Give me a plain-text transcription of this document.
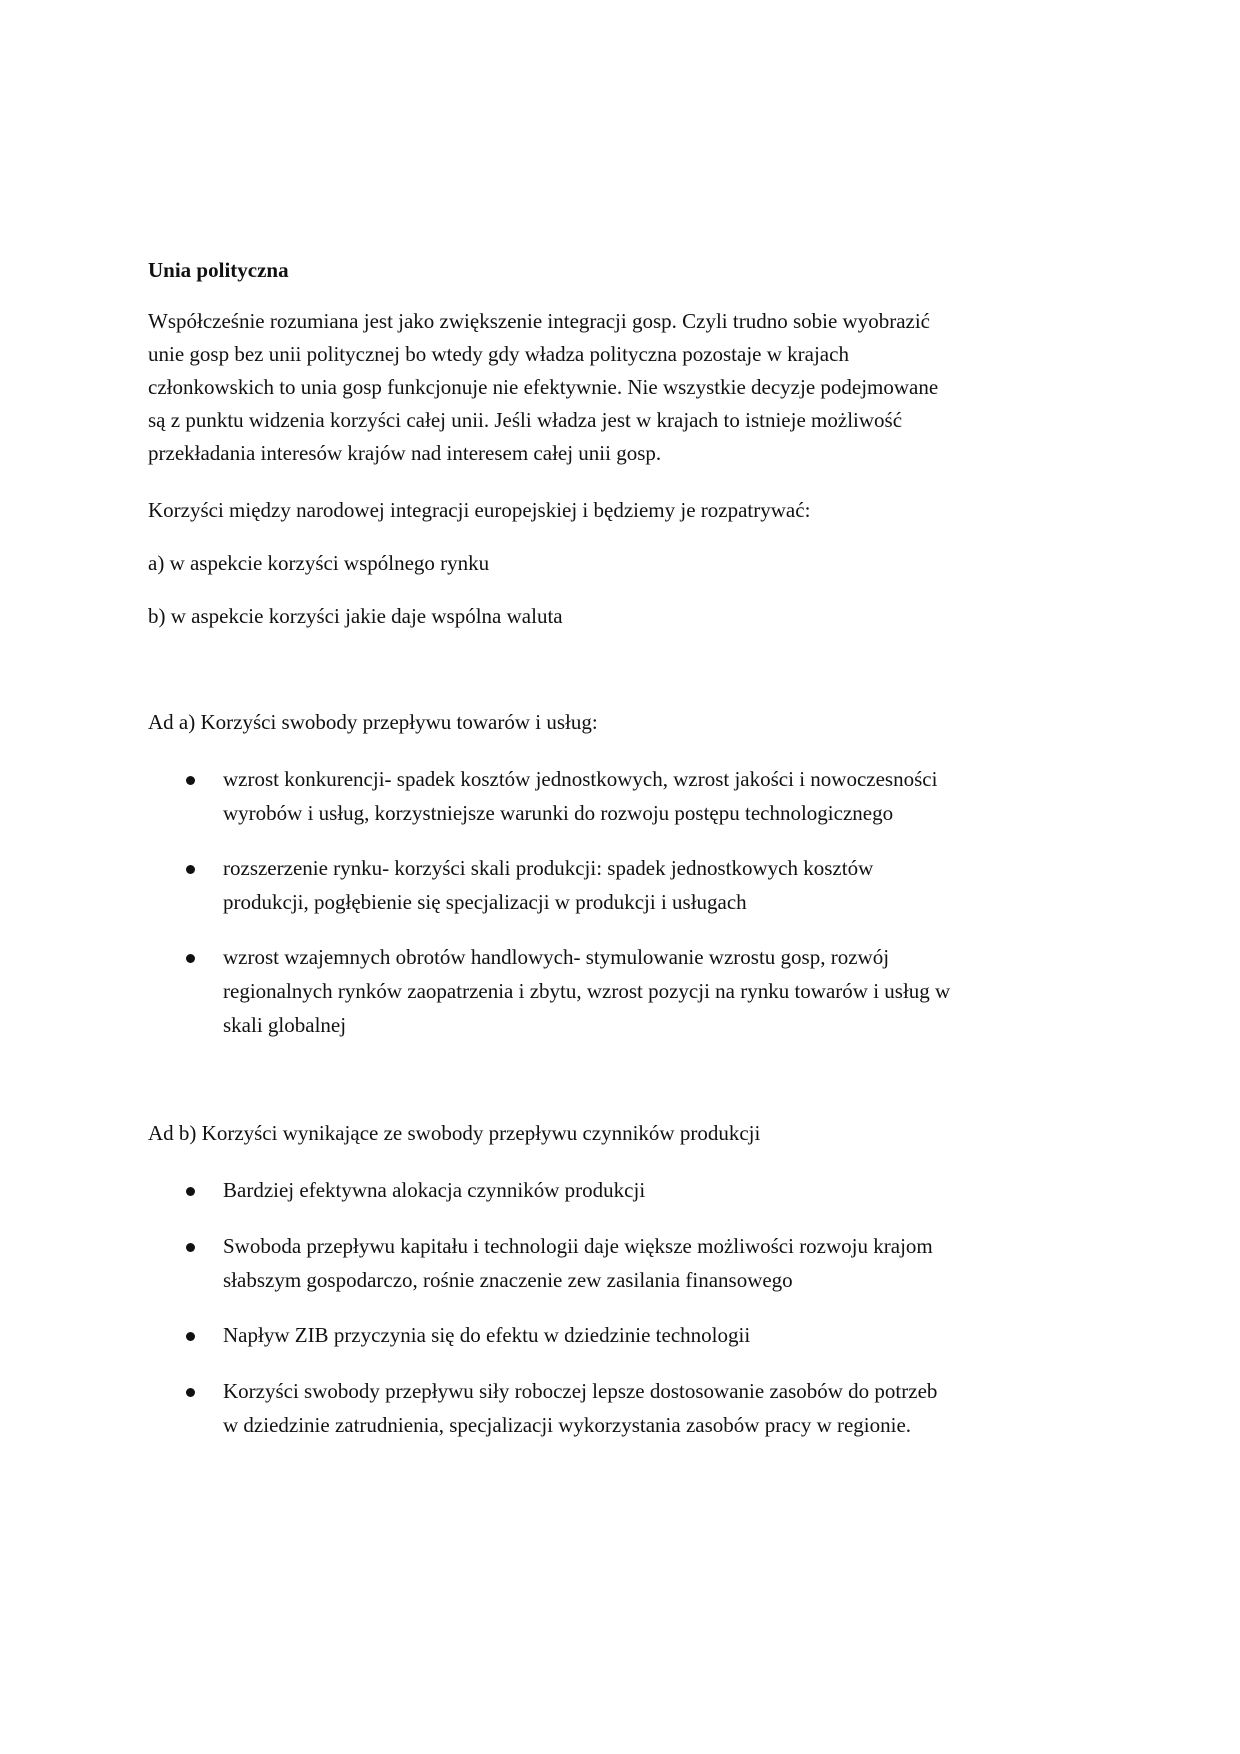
Unia polityczna
Współcześnie rozumiana jest jako zwiększenie integracji gosp. Czyli trudno sobie wyobrazić
unie gosp bez unii politycznej bo wtedy gdy władza polityczna pozostaje w krajach
członkowskich to unia gosp funkcjonuje nie efektywnie. Nie wszystkie decyzje podejmowane
są z punktu widzenia korzyści całej unii. Jeśli władza jest w krajach to istnieje możliwość
przekładania interesów krajów nad interesem całej unii gosp.
Korzyści między narodowej integracji europejskiej i będziemy je rozpatrywać:
a) w aspekcie korzyści wspólnego rynku
b) w aspekcie korzyści jakie daje wspólna waluta
Ad a) Korzyści swobody przepływu towarów i usług:
wzrost konkurencji- spadek kosztów jednostkowych, wzrost jakości i nowoczesności
wyrobów i usług, korzystniejsze warunki do rozwoju postępu technologicznego
rozszerzenie rynku- korzyści skali produkcji: spadek jednostkowych kosztów
produkcji, pogłębienie się specjalizacji w produkcji i usługach
wzrost wzajemnych obrotów handlowych- stymulowanie wzrostu gosp, rozwój
regionalnych rynków zaopatrzenia i zbytu, wzrost pozycji na rynku towarów i usług w
skali globalnej
Ad b) Korzyści wynikające ze swobody przepływu czynników produkcji
Bardziej efektywna alokacja czynników produkcji
Swoboda przepływu kapitału i technologii daje większe możliwości rozwoju krajom
słabszym gospodarczo, rośnie znaczenie zew zasilania finansowego
Napływ ZIB przyczynia się do efektu w dziedzinie technologii
Korzyści swobody przepływu siły roboczej lepsze dostosowanie zasobów do potrzeb
w dziedzinie zatrudnienia, specjalizacji wykorzystania zasobów pracy w regionie.
